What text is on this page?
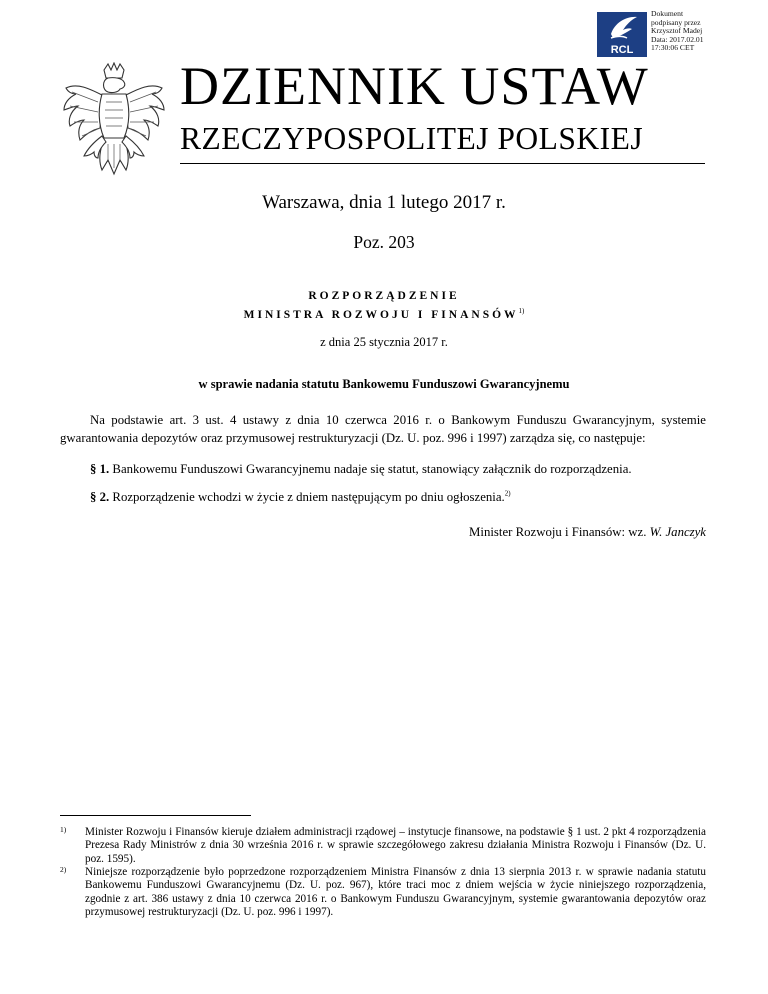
RCL
Dokument
podpisany przez
Krzysztof Madej
Data: 2017.02.01
17:30:06 CET
DZIENNIK USTAW
RZECZYPOSPOLITEJ POLSKIEJ
Warszawa, dnia 1 lutego 2017 r.
Poz. 203
ROZPORZĄDZENIE
MINISTRA ROZWOJU I FINANSÓW$^{1)}$
z dnia 25 stycznia 2017 r.
w sprawie nadania statutu Bankowemu Funduszowi Gwarancyjnemu
Na podstawie art. 3 ust. 4 ustawy z dnia 10 czerwca 2016 r. o Bankowym Funduszu Gwarancyjnym, systemie gwarantowania depozytów oraz przymusowej restrukturyzacji (Dz. U. poz. 996 i 1997) zarządza się, co następuje:
§ 1. Bankowemu Funduszowi Gwarancyjnemu nadaje się statut, stanowiący załącznik do rozporządzenia.
§ 2. Rozporządzenie wchodzi w życie z dniem następującym po dniu ogłoszenia.$^{2)}$
Minister Rozwoju i Finansów: wz. W. Janczyk
1) Minister Rozwoju i Finansów kieruje działem administracji rządowej – instytucje finansowe, na podstawie § 1 ust. 2 pkt 4 rozporządzenia Prezesa Rady Ministrów z dnia 30 września 2016 r. w sprawie szczegółowego zakresu działania Ministra Rozwoju i Finansów (Dz. U. poz. 1595).
2) Niniejsze rozporządzenie było poprzedzone rozporządzeniem Ministra Finansów z dnia 13 sierpnia 2013 r. w sprawie nadania statutu Bankowemu Funduszowi Gwarancyjnemu (Dz. U. poz. 967), które traci moc z dniem wejścia w życie niniejszego rozporządzenia, zgodnie z art. 386 ustawy z dnia 10 czerwca 2016 r. o Bankowym Funduszu Gwarancyjnym, systemie gwarantowania depozytów oraz przymusowej restrukturyzacji (Dz. U. poz. 996 i 1997).
